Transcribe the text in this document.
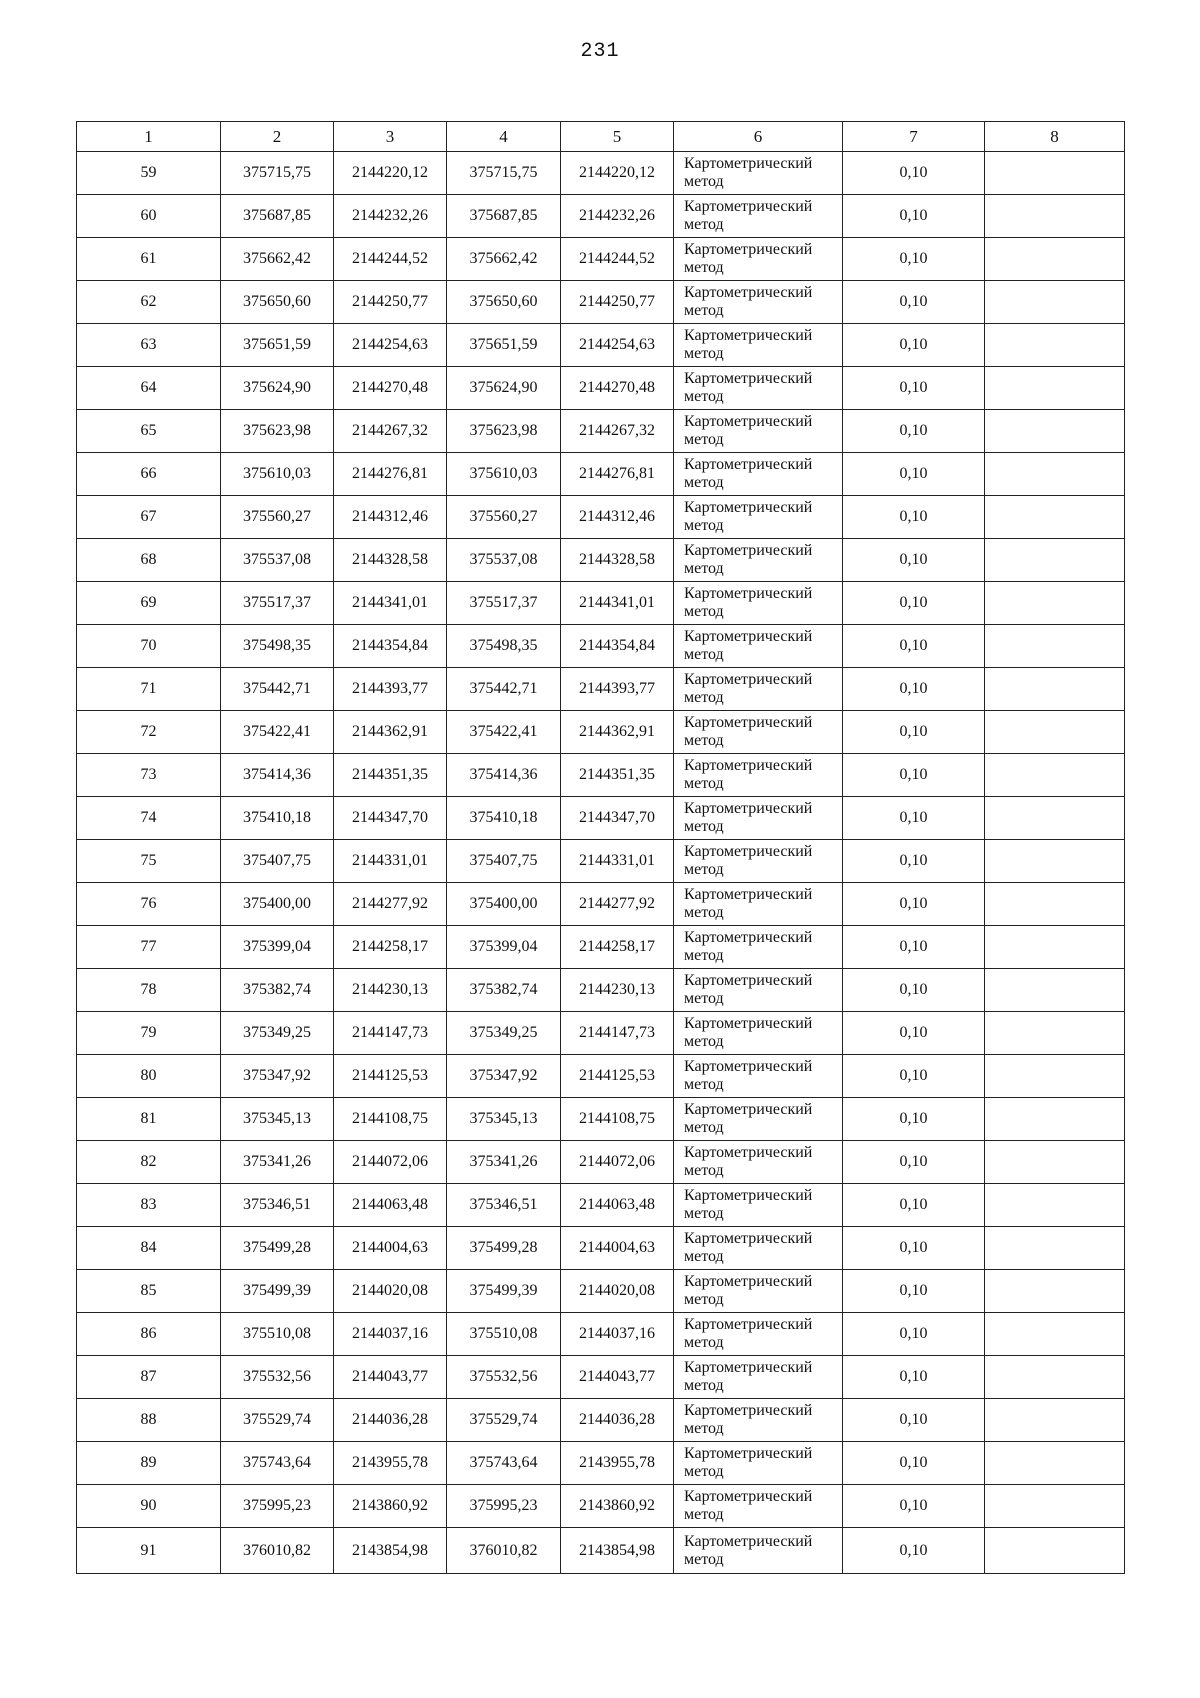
231
1	2	3	4	5	6	7	8
59	375715,75	2144220,12	375715,75	2144220,12	Картометрический
метод	0,10	
60	375687,85	2144232,26	375687,85	2144232,26	Картометрический
метод	0,10	
61	375662,42	2144244,52	375662,42	2144244,52	Картометрический
метод	0,10	
62	375650,60	2144250,77	375650,60	2144250,77	Картометрический
метод	0,10	
63	375651,59	2144254,63	375651,59	2144254,63	Картометрический
метод	0,10	
64	375624,90	2144270,48	375624,90	2144270,48	Картометрический
метод	0,10	
65	375623,98	2144267,32	375623,98	2144267,32	Картометрический
метод	0,10	
66	375610,03	2144276,81	375610,03	2144276,81	Картометрический
метод	0,10	
67	375560,27	2144312,46	375560,27	2144312,46	Картометрический
метод	0,10	
68	375537,08	2144328,58	375537,08	2144328,58	Картометрический
метод	0,10	
69	375517,37	2144341,01	375517,37	2144341,01	Картометрический
метод	0,10	
70	375498,35	2144354,84	375498,35	2144354,84	Картометрический
метод	0,10	
71	375442,71	2144393,77	375442,71	2144393,77	Картометрический
метод	0,10	
72	375422,41	2144362,91	375422,41	2144362,91	Картометрический
метод	0,10	
73	375414,36	2144351,35	375414,36	2144351,35	Картометрический
метод	0,10	
74	375410,18	2144347,70	375410,18	2144347,70	Картометрический
метод	0,10	
75	375407,75	2144331,01	375407,75	2144331,01	Картометрический
метод	0,10	
76	375400,00	2144277,92	375400,00	2144277,92	Картометрический
метод	0,10	
77	375399,04	2144258,17	375399,04	2144258,17	Картометрический
метод	0,10	
78	375382,74	2144230,13	375382,74	2144230,13	Картометрический
метод	0,10	
79	375349,25	2144147,73	375349,25	2144147,73	Картометрический
метод	0,10	
80	375347,92	2144125,53	375347,92	2144125,53	Картометрический
метод	0,10	
81	375345,13	2144108,75	375345,13	2144108,75	Картометрический
метод	0,10	
82	375341,26	2144072,06	375341,26	2144072,06	Картометрический
метод	0,10	
83	375346,51	2144063,48	375346,51	2144063,48	Картометрический
метод	0,10	
84	375499,28	2144004,63	375499,28	2144004,63	Картометрический
метод	0,10	
85	375499,39	2144020,08	375499,39	2144020,08	Картометрический
метод	0,10	
86	375510,08	2144037,16	375510,08	2144037,16	Картометрический
метод	0,10	
87	375532,56	2144043,77	375532,56	2144043,77	Картометрический
метод	0,10	
88	375529,74	2144036,28	375529,74	2144036,28	Картометрический
метод	0,10	
89	375743,64	2143955,78	375743,64	2143955,78	Картометрический
метод	0,10	
90	375995,23	2143860,92	375995,23	2143860,92	Картометрический
метод	0,10	
91	376010,82	2143854,98	376010,82	2143854,98	Картометрический
метод	0,10	
